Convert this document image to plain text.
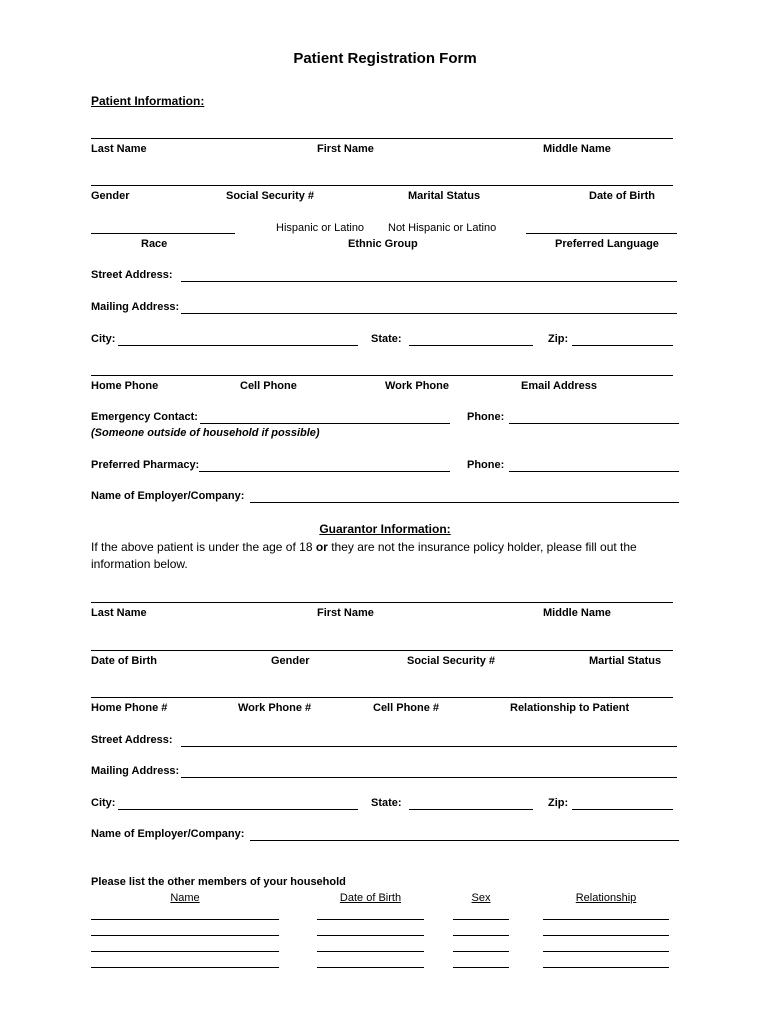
Patient Registration Form
Patient Information:
Last Name	First Name	Middle Name
Gender	Social Security #	Marital Status	Date of Birth
Hispanic or Latino Not Hispanic or Latino
Race	Ethnic Group	Preferred Language
Street Address:
Mailing Address:
City:	State:	Zip:
Home Phone	Cell Phone	Work Phone	Email Address
Emergency Contact:	Phone:
(Someone outside of household if possible)
Preferred Pharmacy:	Phone:
Name of Employer/Company:
Guarantor Information:
If the above patient is under the age of 18 or they are not the insurance policy holder, please fill out the
information below.
Last Name	First Name	Middle Name
Date of Birth	Gender	Social Security #	Martial Status
Home Phone #	Work Phone #	Cell Phone #	Relationship to Patient
Street Address:
Mailing Address:
City:	State:	Zip:
Name of Employer/Company:
Please list the other members of your household
Name	Date of Birth	Sex	Relationship
